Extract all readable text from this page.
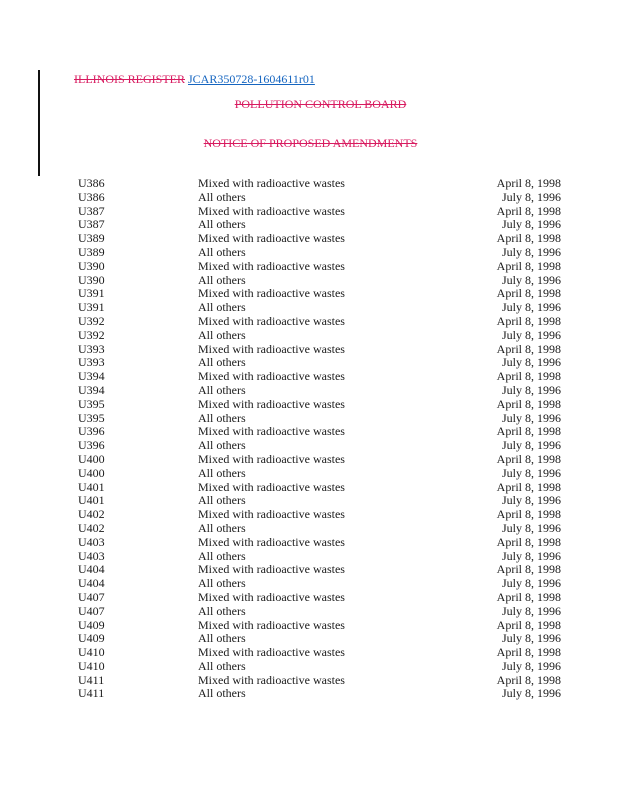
ILLINOIS REGISTER JCAR350728-1604611r01
POLLUTION CONTROL BOARD
NOTICE OF PROPOSED AMENDMENTS
U386	Mixed with radioactive wastes	April 8, 1998
U386	All others	July 8, 1996
U387	Mixed with radioactive wastes	April 8, 1998
U387	All others	July 8, 1996
U389	Mixed with radioactive wastes	April 8, 1998
U389	All others	July 8, 1996
U390	Mixed with radioactive wastes	April 8, 1998
U390	All others	July 8, 1996
U391	Mixed with radioactive wastes	April 8, 1998
U391	All others	July 8, 1996
U392	Mixed with radioactive wastes	April 8, 1998
U392	All others	July 8, 1996
U393	Mixed with radioactive wastes	April 8, 1998
U393	All others	July 8, 1996
U394	Mixed with radioactive wastes	April 8, 1998
U394	All others	July 8, 1996
U395	Mixed with radioactive wastes	April 8, 1998
U395	All others	July 8, 1996
U396	Mixed with radioactive wastes	April 8, 1998
U396	All others	July 8, 1996
U400	Mixed with radioactive wastes	April 8, 1998
U400	All others	July 8, 1996
U401	Mixed with radioactive wastes	April 8, 1998
U401	All others	July 8, 1996
U402	Mixed with radioactive wastes	April 8, 1998
U402	All others	July 8, 1996
U403	Mixed with radioactive wastes	April 8, 1998
U403	All others	July 8, 1996
U404	Mixed with radioactive wastes	April 8, 1998
U404	All others	July 8, 1996
U407	Mixed with radioactive wastes	April 8, 1998
U407	All others	July 8, 1996
U409	Mixed with radioactive wastes	April 8, 1998
U409	All others	July 8, 1996
U410	Mixed with radioactive wastes	April 8, 1998
U410	All others	July 8, 1996
U411	Mixed with radioactive wastes	April 8, 1998
U411	All others	July 8, 1996
